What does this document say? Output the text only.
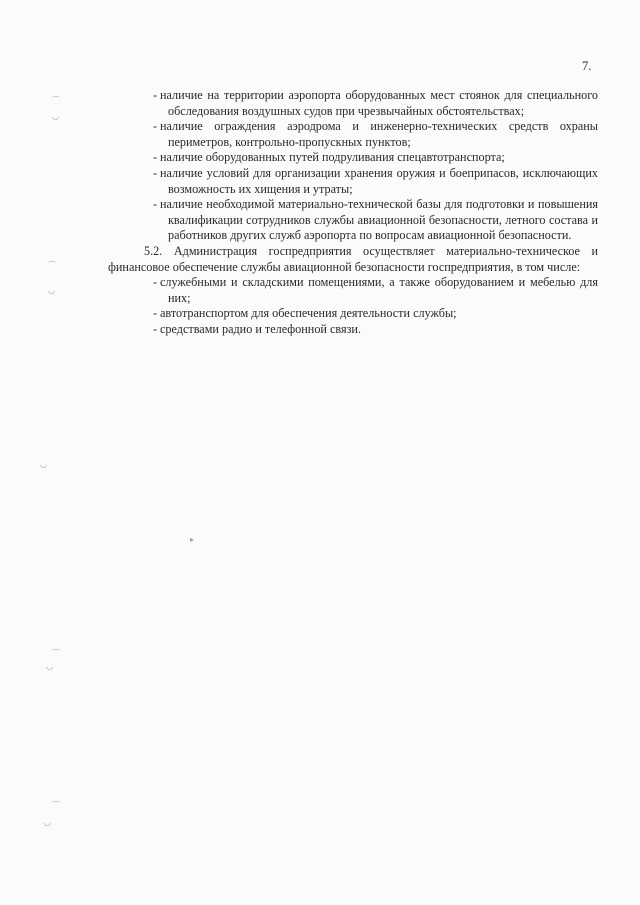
7.
- наличие на территории аэропорта оборудованных мест стоянок для специального обследования воздушных судов при чрезвычайных обстоятельствах;
- наличие ограждения аэродрома и инженерно-технических средств охраны периметров, контрольно-пропускных пунктов;
- наличие оборудованных путей подруливания спецавтотранспорта;
- наличие условий для организации хранения оружия и боеприпасов, исключающих возможность их хищения и утраты;
- наличие необходимой материально-технической базы для подготовки и повышения квалификации сотрудников службы авиационной безопасности, летного состава и работников других служб аэропорта по вопросам авиационной безопасности.

5.2. Администрация госпредприятия осуществляет материально-техническое и финансовое обеспечение службы авиационной безопасности госпредприятия, в том числе:

- служебными и складскими помещениями, а также оборудованием и мебелью для них;
- автотранспортом для обеспечения деятельности службы;
- средствами радио и телефонной связи.
⌒
◡
⌒
◡
◡
▸
⌒
◡
⌒
◡
